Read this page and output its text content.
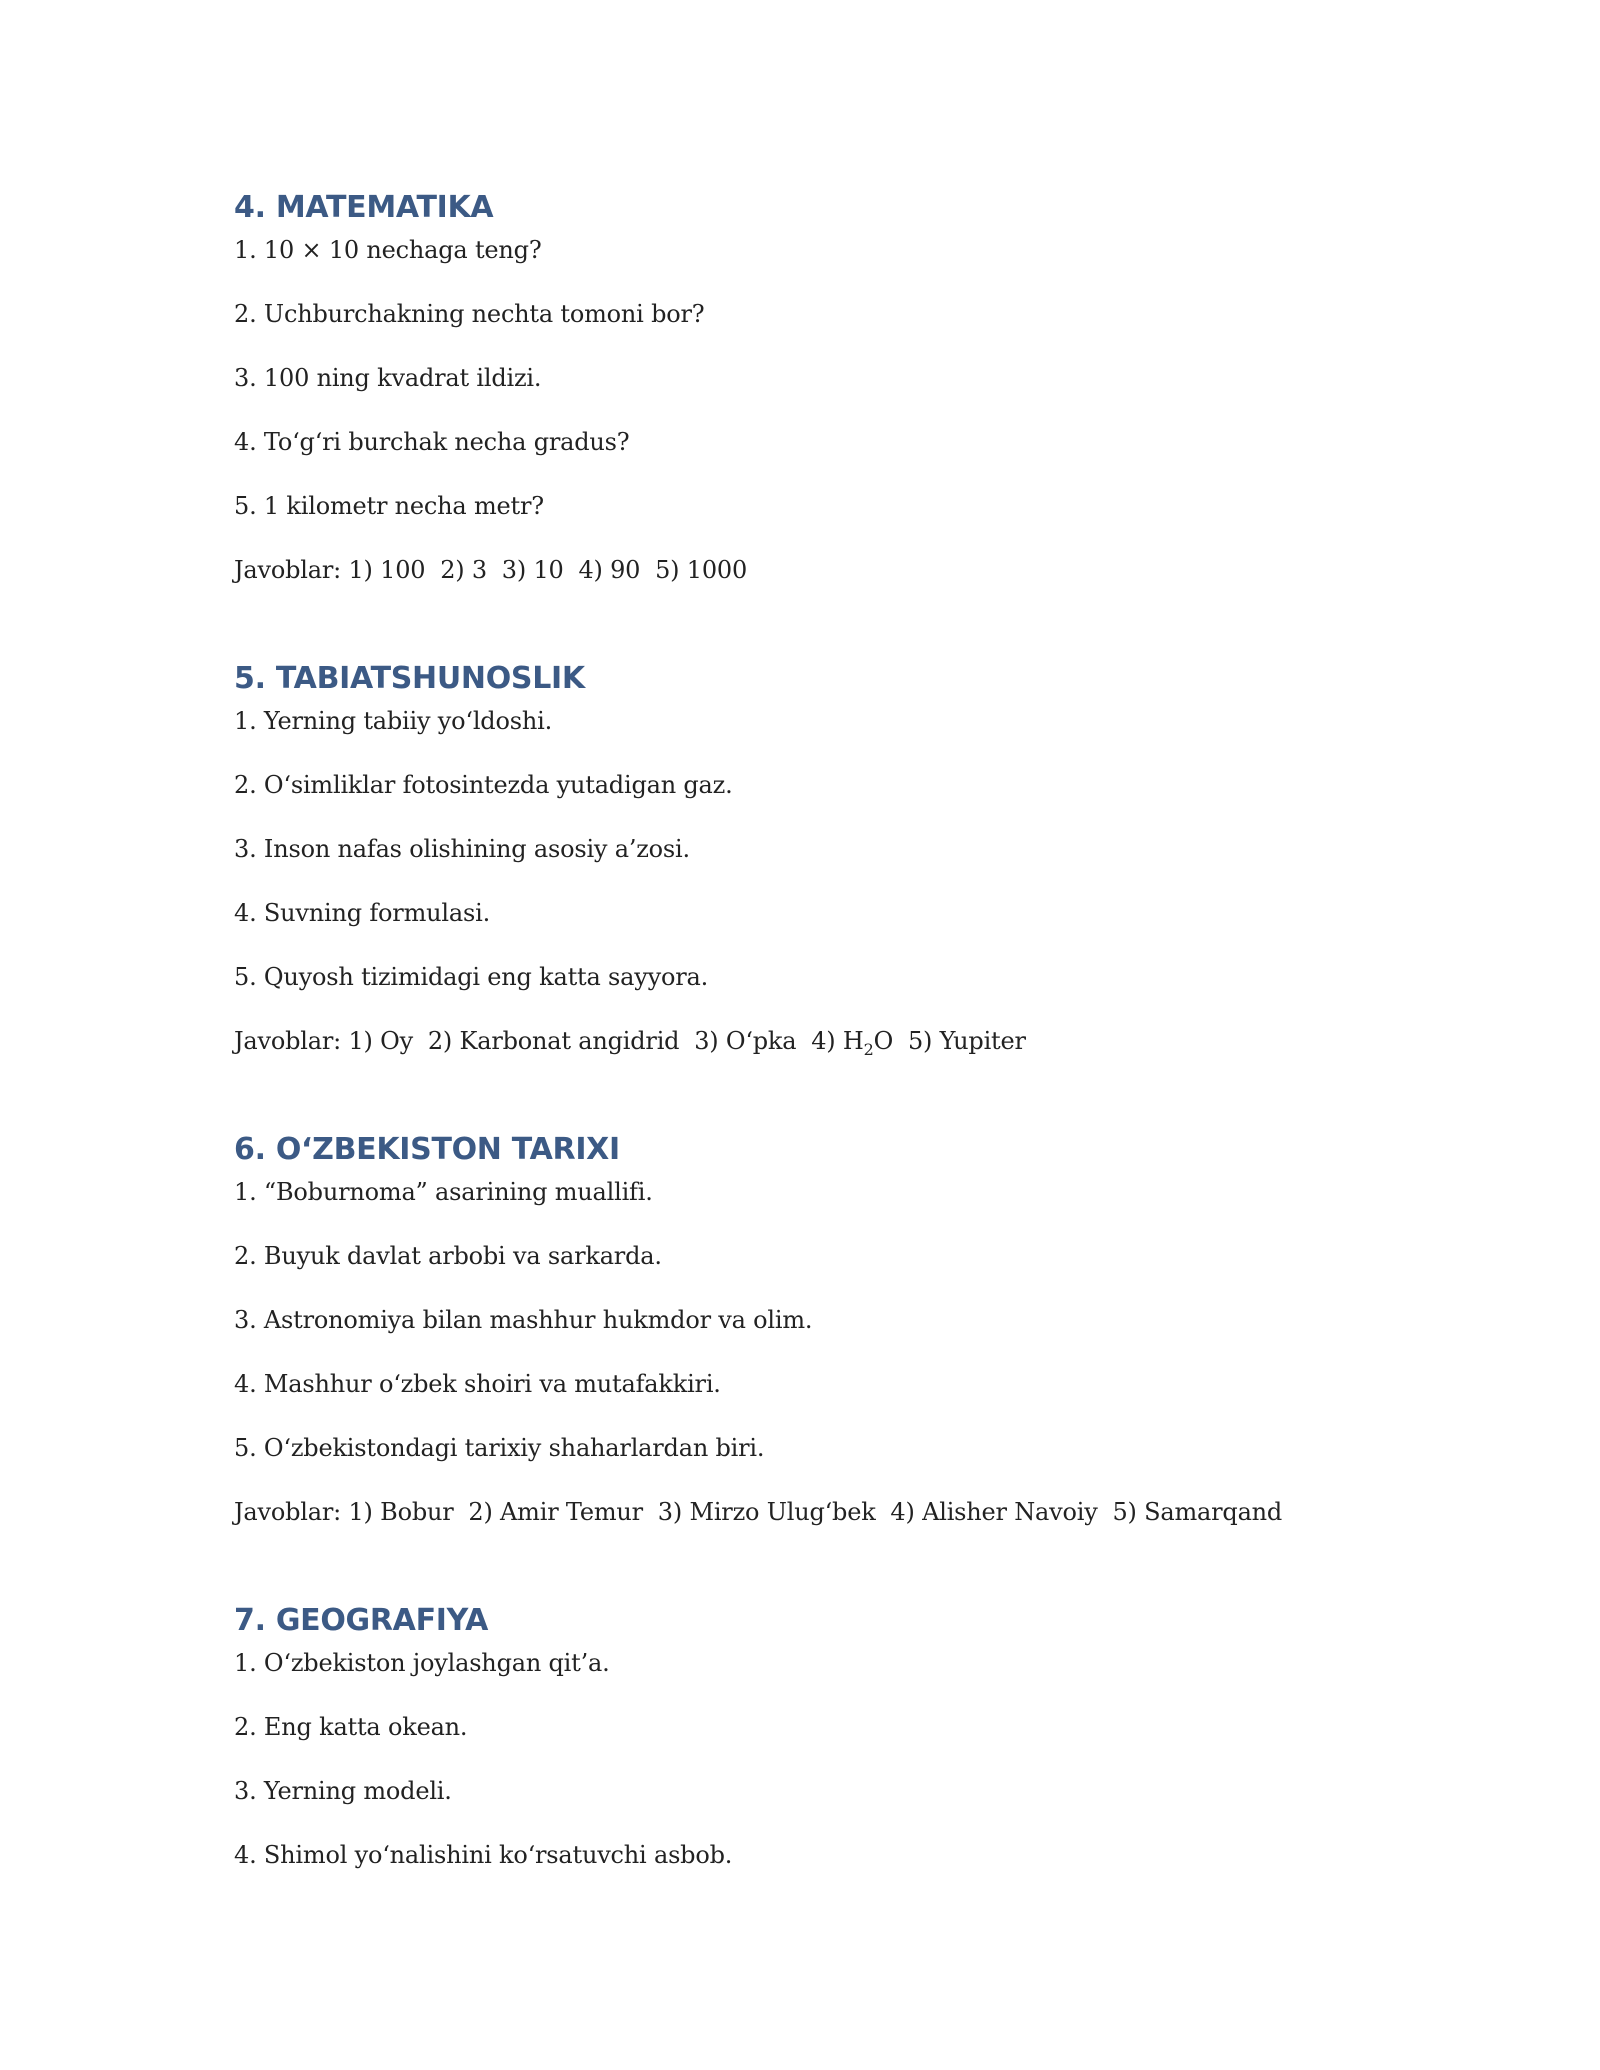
4. MATEMATIKA

1. 10 × 10 nechaga teng?

2. Uchburchakning nechta tomoni bor?

3. 100 ning kvadrat ildizi.

4. To‘g‘ri burchak necha gradus?

5. 1 kilometr necha metr?

Javoblar: 1) 100  2) 3  3) 10  4) 90  5) 1000

5. TABIATSHUNOSLIK

1. Yerning tabiiy yo‘ldoshi.

2. O‘simliklar fotosintezda yutadigan gaz.

3. Inson nafas olishining asosiy a’zosi.

4. Suvning formulasi.

5. Quyosh tizimidagi eng katta sayyora.

Javoblar: 1) Oy  2) Karbonat angidrid  3) O‘pka  4) $H_2O$  5) Yupiter

6. O‘ZBEKISTON TARIXI

1. “Boburnoma” asarining muallifi.

2. Buyuk davlat arbobi va sarkarda.

3. Astronomiya bilan mashhur hukmdor va olim.

4. Mashhur o‘zbek shoiri va mutafakkiri.

5. O‘zbekistondagi tarixiy shaharlardan biri.

Javoblar: 1) Bobur  2) Amir Temur  3) Mirzo Ulug‘bek  4) Alisher Navoiy  5) Samarqand

7. GEOGRAFIYA

1. O‘zbekiston joylashgan qit’a.

2. Eng katta okean.

3. Yerning modeli.

4. Shimol yo‘nalishini ko‘rsatuvchi asbob.
